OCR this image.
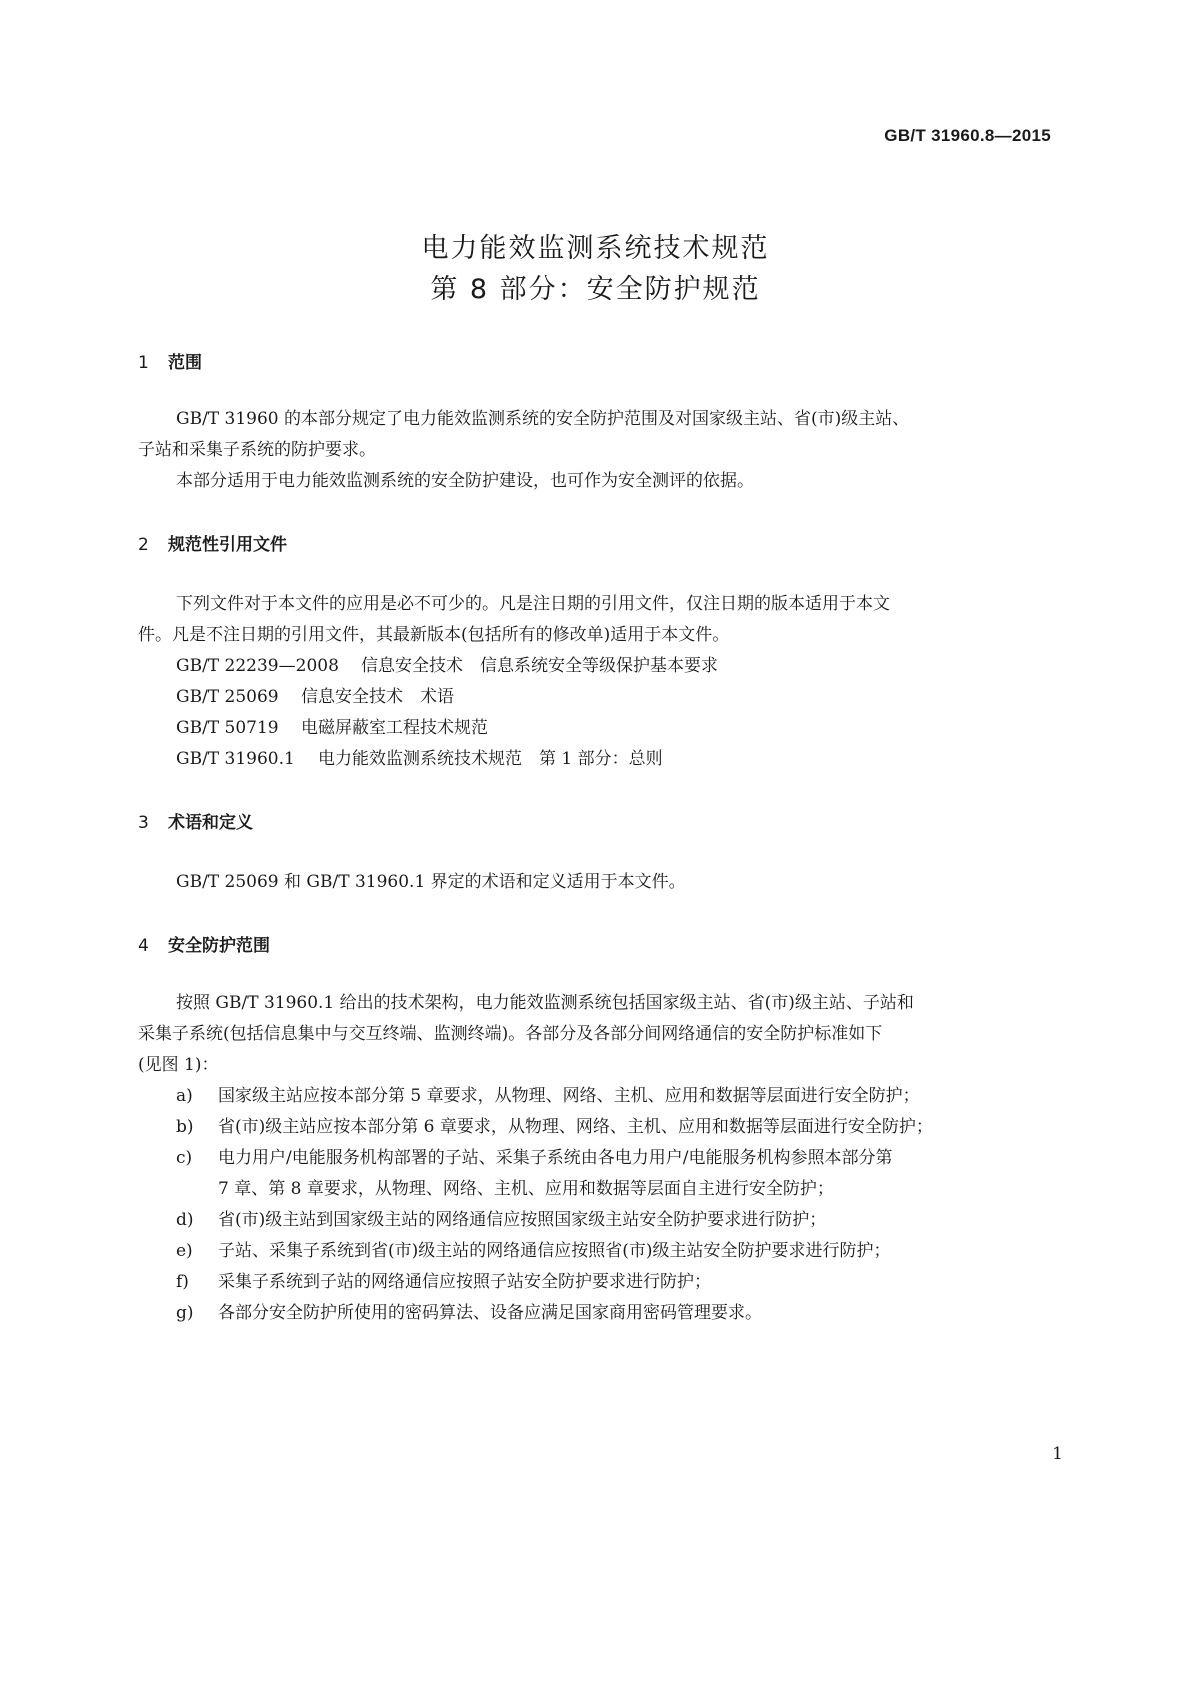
GB/T 31960.8—2015
电力能效监测系统技术规范
第 8 部分：安全防护规范
1 范围
GB/T 31960 的本部分规定了电力能效监测系统的安全防护范围及对国家级主站、省(市)级主站、
子站和采集子系统的防护要求。
本部分适用于电力能效监测系统的安全防护建设，也可作为安全测评的依据。
2 规范性引用文件
下列文件对于本文件的应用是必不可少的。凡是注日期的引用文件，仅注日期的版本适用于本文
件。凡是不注日期的引用文件，其最新版本(包括所有的修改单)适用于本文件。
GB/T 22239—2008 信息安全技术　信息系统安全等级保护基本要求
GB/T 25069 信息安全技术　术语
GB/T 50719 电磁屏蔽室工程技术规范
GB/T 31960.1 电力能效监测系统技术规范　第 1 部分：总则
3 术语和定义
GB/T 25069 和 GB/T 31960.1 界定的术语和定义适用于本文件。
4 安全防护范围
按照 GB/T 31960.1 给出的技术架构，电力能效监测系统包括国家级主站、省(市)级主站、子站和
采集子系统(包括信息集中与交互终端、监测终端)。各部分及各部分间网络通信的安全防护标准如下
(见图 1)：
a) 国家级主站应按本部分第 5 章要求，从物理、网络、主机、应用和数据等层面进行安全防护；
b) 省(市)级主站应按本部分第 6 章要求，从物理、网络、主机、应用和数据等层面进行安全防护；
c) 电力用户/电能服务机构部署的子站、采集子系统由各电力用户/电能服务机构参照本部分第
7 章、第 8 章要求，从物理、网络、主机、应用和数据等层面自主进行安全防护；
d) 省(市)级主站到国家级主站的网络通信应按照国家级主站安全防护要求进行防护；
e) 子站、采集子系统到省(市)级主站的网络通信应按照省(市)级主站安全防护要求进行防护；
f) 采集子系统到子站的网络通信应按照子站安全防护要求进行防护；
g) 各部分安全防护所使用的密码算法、设备应满足国家商用密码管理要求。
1
